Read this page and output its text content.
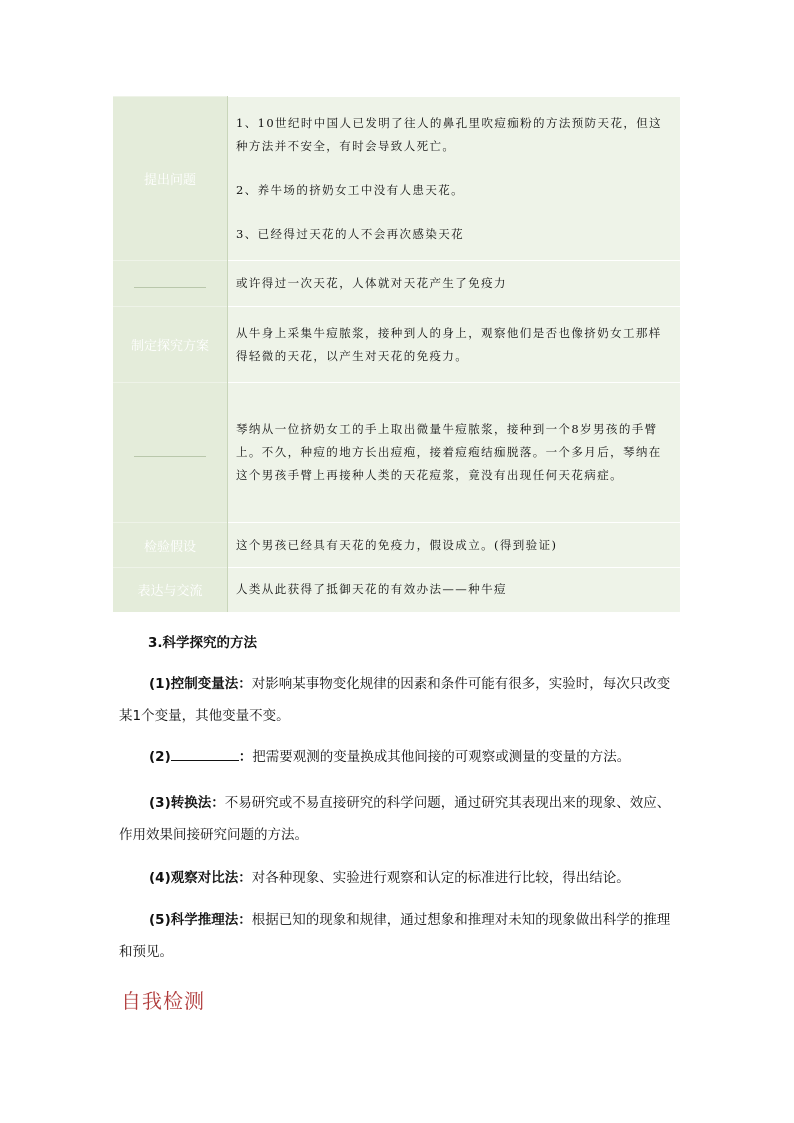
提出问题	1、10世纪时中国人已发明了往人的鼻孔里吹痘痂粉的方法预防天花，但这种方法并不安全，有时会导致人死亡。

2、养牛场的挤奶女工中没有人患天花。

3、已经得过天花的人不会再次感染天花

	或许得过一次天花，人体就对天花产生了免疫力

制定探究方案	从牛身上采集牛痘脓浆，接种到人的身上，观察他们是否也像挤奶女工那样得轻微的天花，以产生对天花的免疫力。

	琴纳从一位挤奶女工的手上取出微量牛痘脓浆，接种到一个8岁男孩的手臂上。不久，种痘的地方长出痘疱，接着痘疱结痂脱落。一个多月后，琴纳在这个男孩手臂上再接种人类的天花痘浆，竟没有出现任何天花病症。

检验假设	这个男孩已经具有天花的免疫力，假设成立。(得到验证)

表达与交流	人类从此获得了抵御天花的有效办法——种牛痘

3.科学探究的方法
(1)控制变量法：对影响某事物变化规律的因素和条件可能有很多，实验时，每次只改变某1个变量，其他变量不变。
(2)	：把需要观测的变量换成其他间接的可观察或测量的变量的方法。
(3)转换法：不易研究或不易直接研究的科学问题，通过研究其表现出来的现象、效应、作用效果间接研究问题的方法。
(4)观察对比法：对各种现象、实验进行观察和认定的标准进行比较，得出结论。
(5)科学推理法：根据已知的现象和规律，通过想象和推理对未知的现象做出科学的推理和预见。
自我检测
